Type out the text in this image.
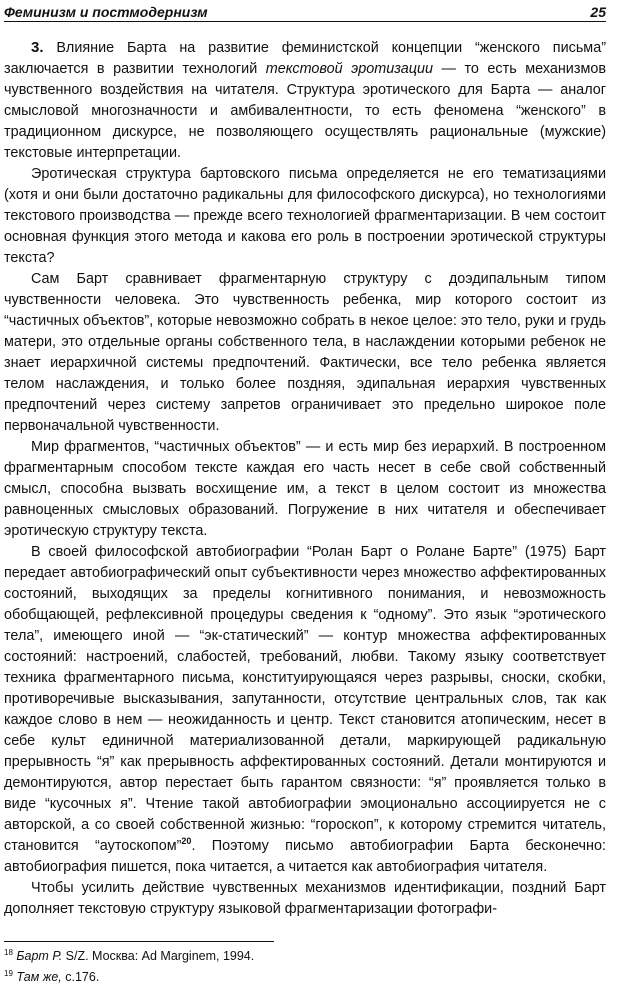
Феминизм и постмодернизм	25

3. Влияние Барта на развитие феминистской концепции “женского письма” заключается в развитии технологий текстовой эротизации — то есть механизмов чувственного воздействия на читателя. Структура эротического для Барта — аналог смысловой многозначности и амбивалентности, то есть феномена “женского” в традиционном дискурсе, не позволяющего осуществлять рациональные (мужские) текстовые интерпретации.

Эротическая структура бартовского письма определяется не его тематизациями (хотя и они были достаточно радикальны для философского дискурса), но технологиями текстового производства — прежде всего технологией фрагментаризации. В чем состоит основная функция этого метода и какова его роль в построении эротической структуры текста?

Сам Барт сравнивает фрагментарную структуру с доэдипальным типом чувственности человека. Это чувственность ребенка, мир которого состоит из “частичных объектов”, которые невозможно собрать в некое целое: это тело, руки и грудь матери, это отдельные органы собственного тела, в наслаждении которыми ребенок не знает иерархичной системы предпочтений. Фактически, все тело ребенка является телом наслаждения, и только более поздняя, эдипальная иерархия чувственных предпочтений через систему запретов ограничивает это предельно широкое поле первоначальной чувственности.

Мир фрагментов, “частичных объектов” — и есть мир без иерархий. В построенном фрагментарным способом тексте каждая его часть несет в себе свой собственный смысл, способна вызвать восхищение им, а текст в целом состоит из множества равноценных смысловых образований. Погружение в них читателя и обеспечивает эротическую структуру текста.

В своей философской автобиографии “Ролан Барт о Ролане Барте” (1975) Барт передает автобиографический опыт субъективности через множество аффектированных состояний, выходящих за пределы когнитивного понимания, и невозможность обобщающей, рефлексивной процедуры сведения к “одному”. Это язык “эротического тела”, имеющего иной — “эк-статический” — контур множества аффектированных состояний: настроений, слабостей, требований, любви. Такому языку соответствует техника фрагментарного письма, конституирующаяся через разрывы, сноски, скобки, противоречивые высказывания, запутанности, отсутствие центральных слов, так как каждое слово в нем — неожиданность и центр. Текст становится атопическим, несет в себе культ единичной материализованной детали, маркирующей радикальную прерывность “я” как прерывность аффектированных состояний. Детали монтируются и демонтируются, автор перестает быть гарантом связности: “я” проявляется только в виде “кусочных я”. Чтение такой автобиографии эмоционально ассоциируется не с авторской, а со своей собственной жизнью: “гороскоп”, к которому стремится читатель, становится “аутоскопом”$^{20}$. Поэтому письмо автобиографии Барта бесконечно: автобиография пишется, пока читается, а читается как автобиография читателя.

Чтобы усилить действие чувственных механизмов идентификации, поздний Барт дополняет текстовую структуру языковой фрагментаризации фотографи-

$^{18}$ Барт Р. S/Z. Москва: Ad Marginem, 1994.
$^{19}$ Там же, с.176.
